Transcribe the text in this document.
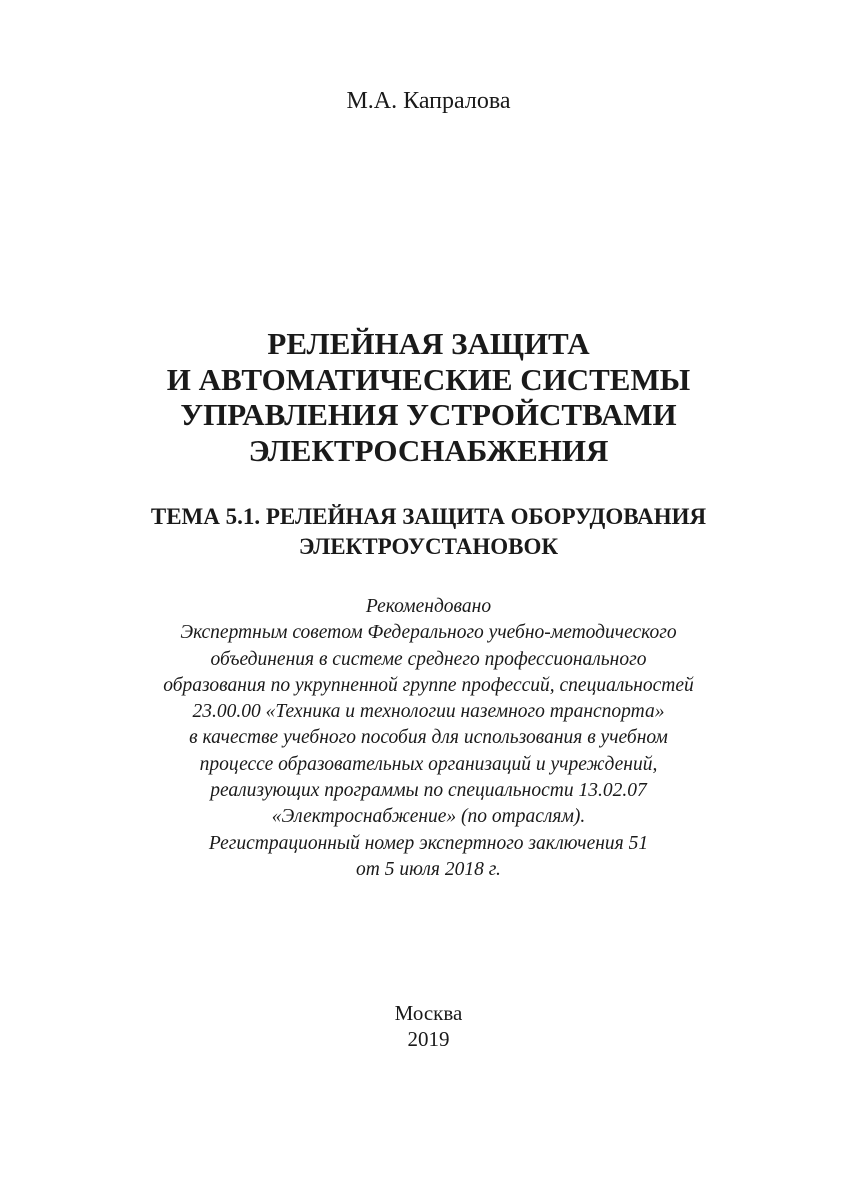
М.А. Капралова
РЕЛЕЙНАЯ ЗАЩИТА
И АВТОМАТИЧЕСКИЕ СИСТЕМЫ
УПРАВЛЕНИЯ УСТРОЙСТВАМИ
ЭЛЕКТРОСНАБЖЕНИЯ
ТЕМА 5.1. РЕЛЕЙНАЯ ЗАЩИТА ОБОРУДОВАНИЯ
ЭЛЕКТРОУСТАНОВОК
Рекомендовано
Экспертным советом Федерального учебно-методического
объединения в системе среднего профессионального
образования по укрупненной группе профессий, специальностей
23.00.00 «Техника и технологии наземного транспорта»
в качестве учебного пособия для использования в учебном
процессе образовательных организаций и учреждений,
реализующих программы по специальности 13.02.07
«Электроснабжение» (по отраслям).
Регистрационный номер экспертного заключения 51
от 5 июля 2018 г.
Москва
2019
